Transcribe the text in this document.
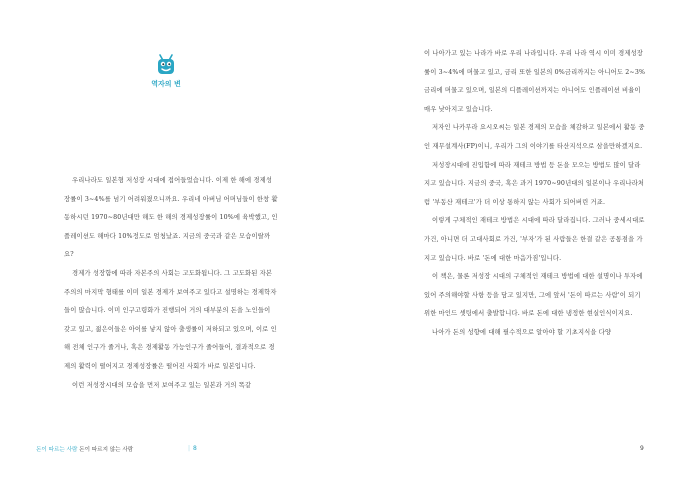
역자의 변

우리나라도 일본형 저성장 시대에 접어들었습니다. 이제 한 해에 경제성장률이 3~4%를 넘기 어려워졌으니까요. 우리네 아버님 어머님들이 한창 활동하시던 1970~80년대만 해도 한 해의 경제성장률이 10%에 육박했고, 인플레이션도 해마다 10%정도로 엄청났죠. 지금의 중국과 같은 모습이랄까요?

경제가 성장함에 따라 자본주의 사회는 고도화됩니다. 그 고도화된 자본주의의 마지막 형태를 이미 일본 경제가 보여주고 있다고 설명하는 경제학자들이 많습니다. 이미 인구고령화가 진행되어 거의 대부분의 돈을 노인들이 갖고 있고, 젊은이들은 아이를 낳지 않아 출생률이 저하되고 있으며, 이로 인해 전체 인구가 줄거나, 혹은 경제활동 가능인구가 줄어들어, 결과적으로 경제의 활력이 떨어지고 경제성장률은 떨어진 사회가 바로 일본입니다.

이런 저성장시대의 모습을 먼저 보여주고 있는 일본과 거의 똑같

돈이 따르는 사람 돈이 따르지 않는 사람	| 8

이 나아가고 있는 나라가 바로 우리 나라입니다. 우리 나라 역시 이미 경제성장률이 3~4%에 머물고 있고, 금리 또한 일본의 0%금리까지는 아니어도 2~3%금리에 머물고 있으며, 일본의 디플레이션까지는 아니어도 인플레이션 비율이 매우 낮아지고 있습니다.

저자인 나카무라 요시오씨는 일본 경제의 모습을 체감하고 일본에서 활동 중인 재무설계사(FP)이니, 우리가 그의 이야기를 타산지석으로 삼을만하겠지요.

저성장시대에 진입함에 따라 재테크 방법 등 돈을 모으는 방법도 많이 달라지고 있습니다. 지금의 중국, 혹은 과거 1970~90년대의 일본이나 우리나라처럼 '부동산 재테크'가 더 이상 통하지 않는 사회가 되어버린 거죠.

이렇게 구체적인 재테크 방법은 시대에 따라 달라집니다. 그러나 중세시대로 가건, 아니면 더 고대사회로 가건, '부자'가 된 사람들은 한결 같은 공통점을 가지고 있습니다. 바로 '돈에 대한 마음가짐'입니다.

이 책은, 물론 저성장 시대의 구체적인 재테크 방법에 대한 설명이나 투자에 있어 주의해야할 사항 등을 담고 있지만, 그에 앞서 '돈이 따르는 사람'이 되기 위한 마인드 셋팅에서 출발합니다. 바로 돈에 대한 냉정한 현실인식이지요.

나아가 돈의 성향에 대해 필수적으로 알아야 할 기초지식을 다양

9
